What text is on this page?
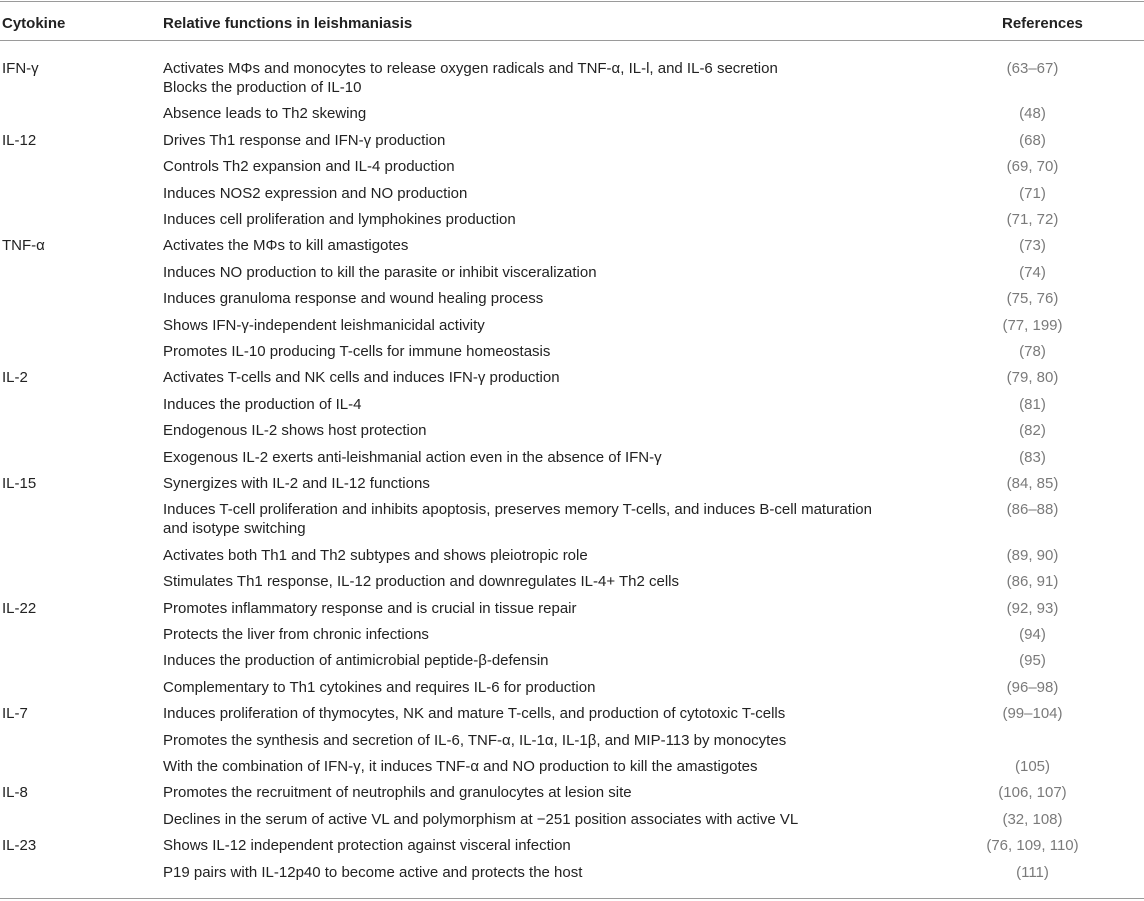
Cytokine	Relative functions in leishmaniasis	References
IFN-γ	Activates MΦs and monocytes to release oxygen radicals and TNF-α, IL-l, and IL-6 secretion
Blocks the production of IL-10
(63–67)
Absence leads to Th2 skewing	(48)
IL-12	Drives Th1 response and IFN-γ production	(68)
Controls Th2 expansion and IL-4 production	(69, 70)
Induces NOS2 expression and NO production	(71)
Induces cell proliferation and lymphokines production	(71, 72)
TNF-α	Activates the MΦs to kill amastigotes	(73)
Induces NO production to kill the parasite or inhibit visceralization	(74)
Induces granuloma response and wound healing process	(75, 76)
Shows IFN-γ-independent leishmanicidal activity	(77, 199)
Promotes IL-10 producing T-cells for immune homeostasis	(78)
IL-2	Activates T-cells and NK cells and induces IFN-γ production	(79, 80)
Induces the production of IL-4	(81)
Endogenous IL-2 shows host protection	(82)
Exogenous IL-2 exerts anti-leishmanial action even in the absence of IFN-γ	(83)
IL-15	Synergizes with IL-2 and IL-12 functions	(84, 85)
Induces T-cell proliferation and inhibits apoptosis, preserves memory T-cells, and induces B-cell maturation
and isotype switching
(86–88)
Activates both Th1 and Th2 subtypes and shows pleiotropic role	(89, 90)
Stimulates Th1 response, IL-12 production and downregulates IL-4+ Th2 cells	(86, 91)
IL-22	Promotes inflammatory response and is crucial in tissue repair	(92, 93)
Protects the liver from chronic infections	(94)
Induces the production of antimicrobial peptide-β-defensin	(95)
Complementary to Th1 cytokines and requires IL-6 for production	(96–98)
IL-7	Induces proliferation of thymocytes, NK and mature T-cells, and production of cytotoxic T-cells	(99–104)
Promotes the synthesis and secretion of IL-6, TNF-α, IL-1α, IL-1β, and MIP-113 by monocytes
With the combination of IFN-γ, it induces TNF-α and NO production to kill the amastigotes	(105)
IL-8	Promotes the recruitment of neutrophils and granulocytes at lesion site	(106, 107)
Declines in the serum of active VL and polymorphism at −251 position associates with active VL	(32, 108)
IL-23	Shows IL-12 independent protection against visceral infection	(76, 109, 110)
P19 pairs with IL-12p40 to become active and protects the host	(111)
